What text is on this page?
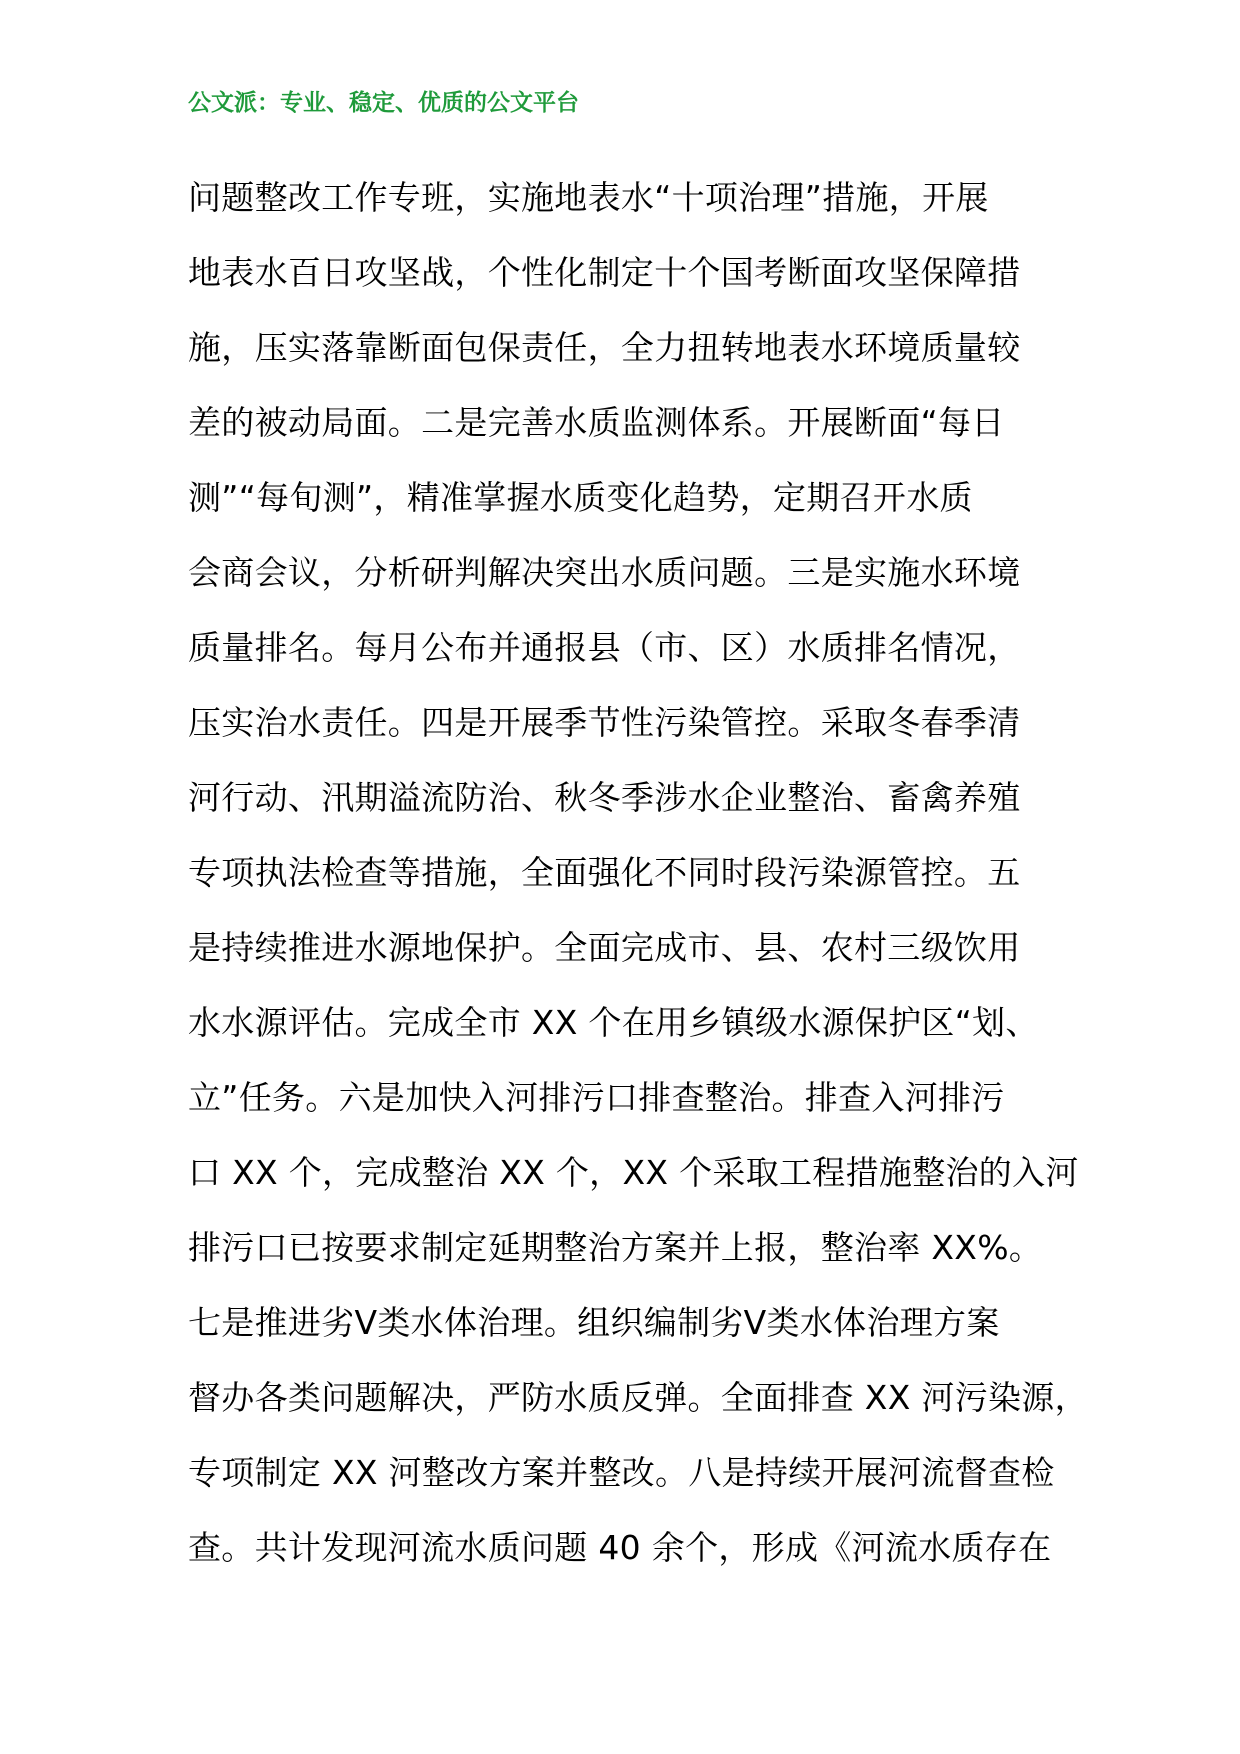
公文派：专业、稳定、优质的公文平台
问题整改工作专班，实施地表水“十项治理”措施，开展
地表水百日攻坚战，个性化制定十个国考断面攻坚保障措
施，压实落靠断面包保责任，全力扭转地表水环境质量较
差的被动局面。二是完善水质监测体系。开展断面“每日
测”“每旬测”，精准掌握水质变化趋势，定期召开水质
会商会议，分析研判解决突出水质问题。三是实施水环境
质量排名。每月公布并通报县（市、区）水质排名情况，
压实治水责任。四是开展季节性污染管控。采取冬春季清
河行动、汛期溢流防治、秋冬季涉水企业整治、畜禽养殖
专项执法检查等措施，全面强化不同时段污染源管控。五
是持续推进水源地保护。全面完成市、县、农村三级饮用
水水源评估。完成全市 XX 个在用乡镇级水源保护区“划、
立”任务。六是加快入河排污口排查整治。排查入河排污
口 XX 个，完成整治 XX 个，XX 个采取工程措施整治的入河
排污口已按要求制定延期整治方案并上报，整治率 XX%。
七是推进劣Ⅴ类水体治理。组织编制劣Ⅴ类水体治理方案
督办各类问题解决，严防水质反弹。全面排查 XX 河污染源，
专项制定 XX 河整改方案并整改。八是持续开展河流督查检
查。共计发现河流水质问题 40 余个，形成《河流水质存在
